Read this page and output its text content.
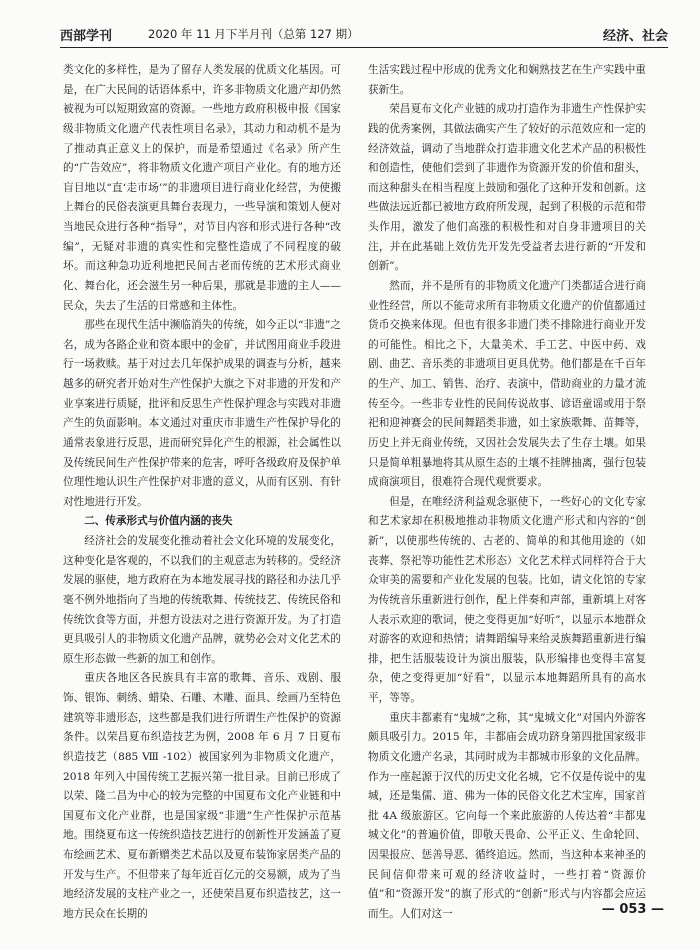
西部学刊	2020 年 11 月下半月刊（总第 127 期）	经济、社会

类文化的多样性，是为了留存人类发展的优质文化基因。可是，在广大民间的话语体系中，许多非物质文化遗产却仍然被视为可以短期致富的资源。一些地方政府积极申报《国家级非物质文化遗产代表性项目名录》，其动力和动机不是为了推动真正意义上的保护，而是希望通过《名录》所产生的“广告效应”，将非物质文化遗产项目产业化。有的地方还盲目地以“直‘走市场’”的非遗项目进行商业化经营，为使搬上舞台的民俗表演更具舞台表现力，一些导演和策划人便对当地民众进行各种“指导”，对节目内容和形式进行各种“改编”，无疑对非遗的真实性和完整性造成了不同程度的破坏。而这种急功近利地把民间古老而传统的艺术形式商业化、舞台化，还会滋生另一种后果，那就是非遗的主人——民众，失去了生活的日常感和主体性。

那些在现代生活中濒临消失的传统，如今正以“非遗”之名，成为各路企业和资本眼中的金矿，并试图用商业手段进行一场救赎。基于对过去几年保护成果的调查与分析，越来越多的研究者开始对生产性保护大旗之下对非遗的开发和产业享案进行质疑，批评和反思生产性保护理念与实践对非遗产生的负面影响。本文通过对重庆市非遗生产性保护导化的通常表象进行反思，进而研究异化产生的根源，社会属性以及传统民间生产性保护带来的危害，呼吁各级政府及保护单位理性地认识生产性保护对非遗的意义，从而有区别、有针对性地进行开发。

二、传承形式与价值内涵的丧失

经济社会的发展变化推动着社会文化环境的发展变化，这种变化是客观的，不以我们的主观意志为转移的。受经济发展的驱使，地方政府在为本地发展寻找的路径和办法几乎毫不例外地指向了当地的传统歌舞、传统技艺、传统民俗和传统饮食等方面，并想方设法对之进行资源开发。为了打造更具吸引人的非物质文化遗产品牌，就势必会对文化艺术的原生形态做一些新的加工和创作。

重庆各地区各民族具有丰富的歌舞、音乐、戏剧、服饰、银饰、刺绣、蜡染、石雕、木雕、面具、绘画乃至特色建筑等非遗形态，这些都是我们进行所谓生产性保护的资源条件。以荣昌夏布织造技艺为例，2008 年 6 月 7 日夏布织造技艺（885 Ⅷ -102）被国家列为非物质文化遗产，2018 年列入中国传统工艺振兴第一批目录。目前已形成了以荣、隆二昌为中心的较为完整的中国夏布文化产业链和中国夏布文化产业群，也是国家级“非遗”生产性保护示范基地。围绕夏布这一传统织造技艺进行的创新性开发涵盖了夏布绘画艺术、夏布新赠类艺术品以及夏布装饰家居类产品的开发与生产。不但带来了每年近百亿元的交易额，成为了当地经济发展的支柱产业之一，还使荣昌夏布织造技艺，这一地方民众在长期的

生活实践过程中形成的优秀文化和娴熟技艺在生产实践中重获新生。

荣昌夏布文化产业链的成功打造作为非遗生产性保护实践的优秀案例，其做法确实产生了较好的示范效应和一定的经济效益，调动了当地群众打造非遗文化艺术产品的积极性和创造性，使他们尝到了非遗作为资源开发的价值和甜头，而这种甜头在相当程度上鼓励和强化了这种开发和创新。这些做法远近都已被地方政府所发现，起到了积极的示范和带头作用，激发了他们高涨的积极性和对自身非遗项目的关注，并在此基础上效仿先开发先受益者去进行新的“开发和创新”。

然而，并不是所有的非物质文化遗产门类都适合进行商业性经营，所以不能苛求所有非物质文化遗产的价值都通过货币交换来体现。但也有很多非遗门类不排除进行商业开发的可能性。相比之下，大量美术、手工艺、中医中药、戏剧、曲艺、音乐类的非遗项目更具优势。他们都是在千百年的生产、加工、销售、治疗、表演中，借助商业的力量才流传至今。一些非专业性的民间传说故事、谚语童谣或用于祭祀和迎神赛会的民间舞蹈类非遗，如土家族歌舞、苗舞等，历史上并无商业传统，又因社会发展失去了生存土壤。如果只是简单粗暴地将其从原生态的土壤不挂牌抽离，强行包装成商演项目，很难符合现代观赏要求。

但是，在唯经济利益观念驱使下，一些好心的文化专家和艺术家却在积极地推动非物质文化遗产形式和内容的“创新”，以使那些传统的、古老的、简单的和其他用途的（如丧葬、祭祀等功能性艺术形态）文化艺术样式同样符合于大众审美的需要和产业化发展的包装。比如，请文化馆的专家为传统音乐重新进行创作，配上伴奏和声部，重新填上对客人表示欢迎的歌词，使之变得更加“好听”，以显示本地群众对游客的欢迎和热情；请舞蹈编导来给灵族舞蹈重新进行编排，把生活服装设计为演出服装，队形编排也变得丰富复杂，使之变得更加“好看”，以显示本地舞蹈所具有的高水平，等等。

重庆丰都素有“鬼城”之称，其“鬼城文化”对国内外游客颇具吸引力。2015 年，丰都庙会成功跻身第四批国家级非物质文化遗产名录，其同时成为丰都城市形象的文化品牌。作为一座起源于汉代的历史文化名城，它不仅是传说中的鬼城，还是集儒、道、佛为一体的民俗文化艺术宝库，国家首批 4A 级旅游区。它向每一个来此旅游的人传达着“丰都鬼城文化”的普遍价值，即敬天畏命、公平正义、生命轮回、因果报应、惩善导恶、循终追远。然而，当这种本来神圣的民间信仰带来可观的经济收益时，一些打着“资源价值”和“资源开发”的旗了形式的“创新”形式与内容都会应运而生。人们对这一	— 053 —
